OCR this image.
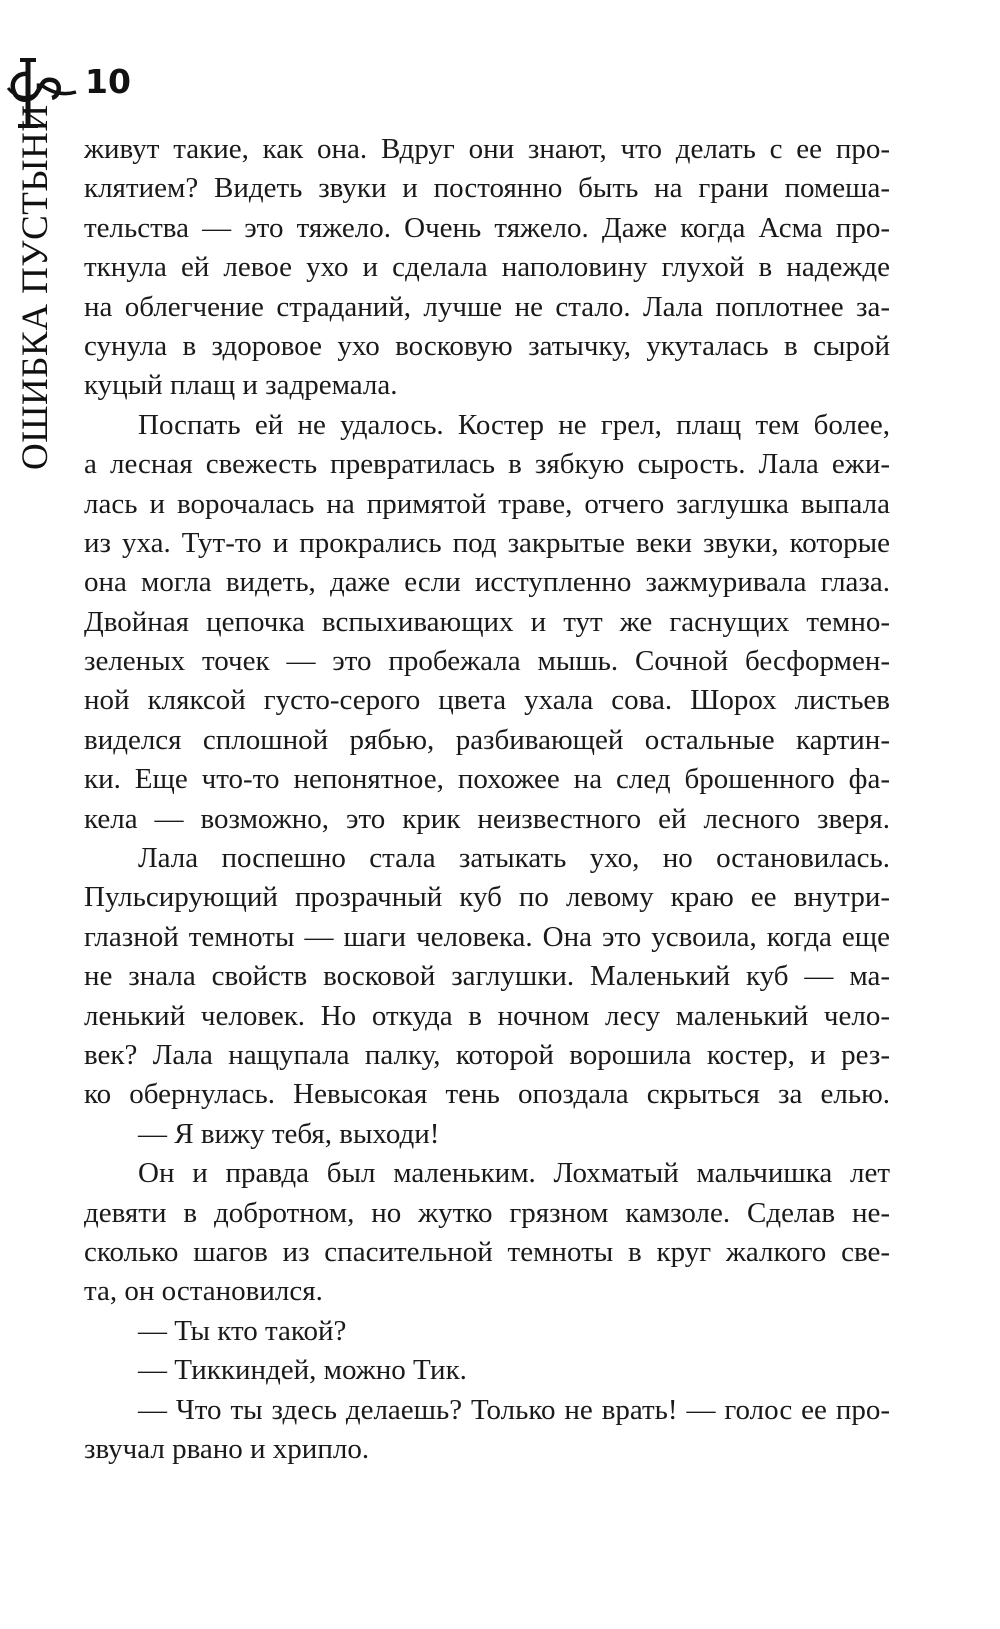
10
ОШИБКА ПУСТЫНИ-
живут такие, как она. Вдруг они знают, что делать с ее про-
клятием? Видеть звуки и постоянно быть на грани помеша-
тельства — это тяжело. Очень тяжело. Даже когда Асма про-
ткнула ей левое ухо и сделала наполовину глухой в надежде
на облегчение страданий, лучше не стало. Лала поплотнее за-
сунула в здоровое ухо восковую затычку, укуталась в сырой
куцый плащ и задремала.
Поспать ей не удалось. Костер не грел, плащ тем более,
а лесная свежесть превратилась в зябкую сырость. Лала ежи-
лась и ворочалась на примятой траве, отчего заглушка выпала
из уха. Тут-то и прокрались под закрытые веки звуки, которые
она могла видеть, даже если исступленно зажмуривала глаза.
Двойная цепочка вспыхивающих и тут же гаснущих темно-
зеленых точек — это пробежала мышь. Сочной бесформен-
ной кляксой густо-серого цвета ухала сова. Шорох листьев
виделся сплошной рябью, разбивающей остальные картин-
ки. Еще что-то непонятное, похожее на след брошенного фа-
кела — возможно, это крик неизвестного ей лесного зверя.
Лала поспешно стала затыкать ухо, но остановилась.
Пульсирующий прозрачный куб по левому краю ее внутри-
глазной темноты — шаги человека. Она это усвоила, когда еще
не знала свойств восковой заглушки. Маленький куб — ма-
ленький человек. Но откуда в ночном лесу маленький чело-
век? Лала нащупала палку, которой ворошила костер, и рез-
ко обернулась. Невысокая тень опоздала скрыться за елью.
— Я вижу тебя, выходи!
Он и правда был маленьким. Лохматый мальчишка лет
девяти в добротном, но жутко грязном камзоле. Сделав не-
сколько шагов из спасительной темноты в круг жалкого све-
та, он остановился.
— Ты кто такой?
— Тиккиндей, можно Тик.
— Что ты здесь делаешь? Только не врать! — голос ее про-
звучал рвано и хрипло.
